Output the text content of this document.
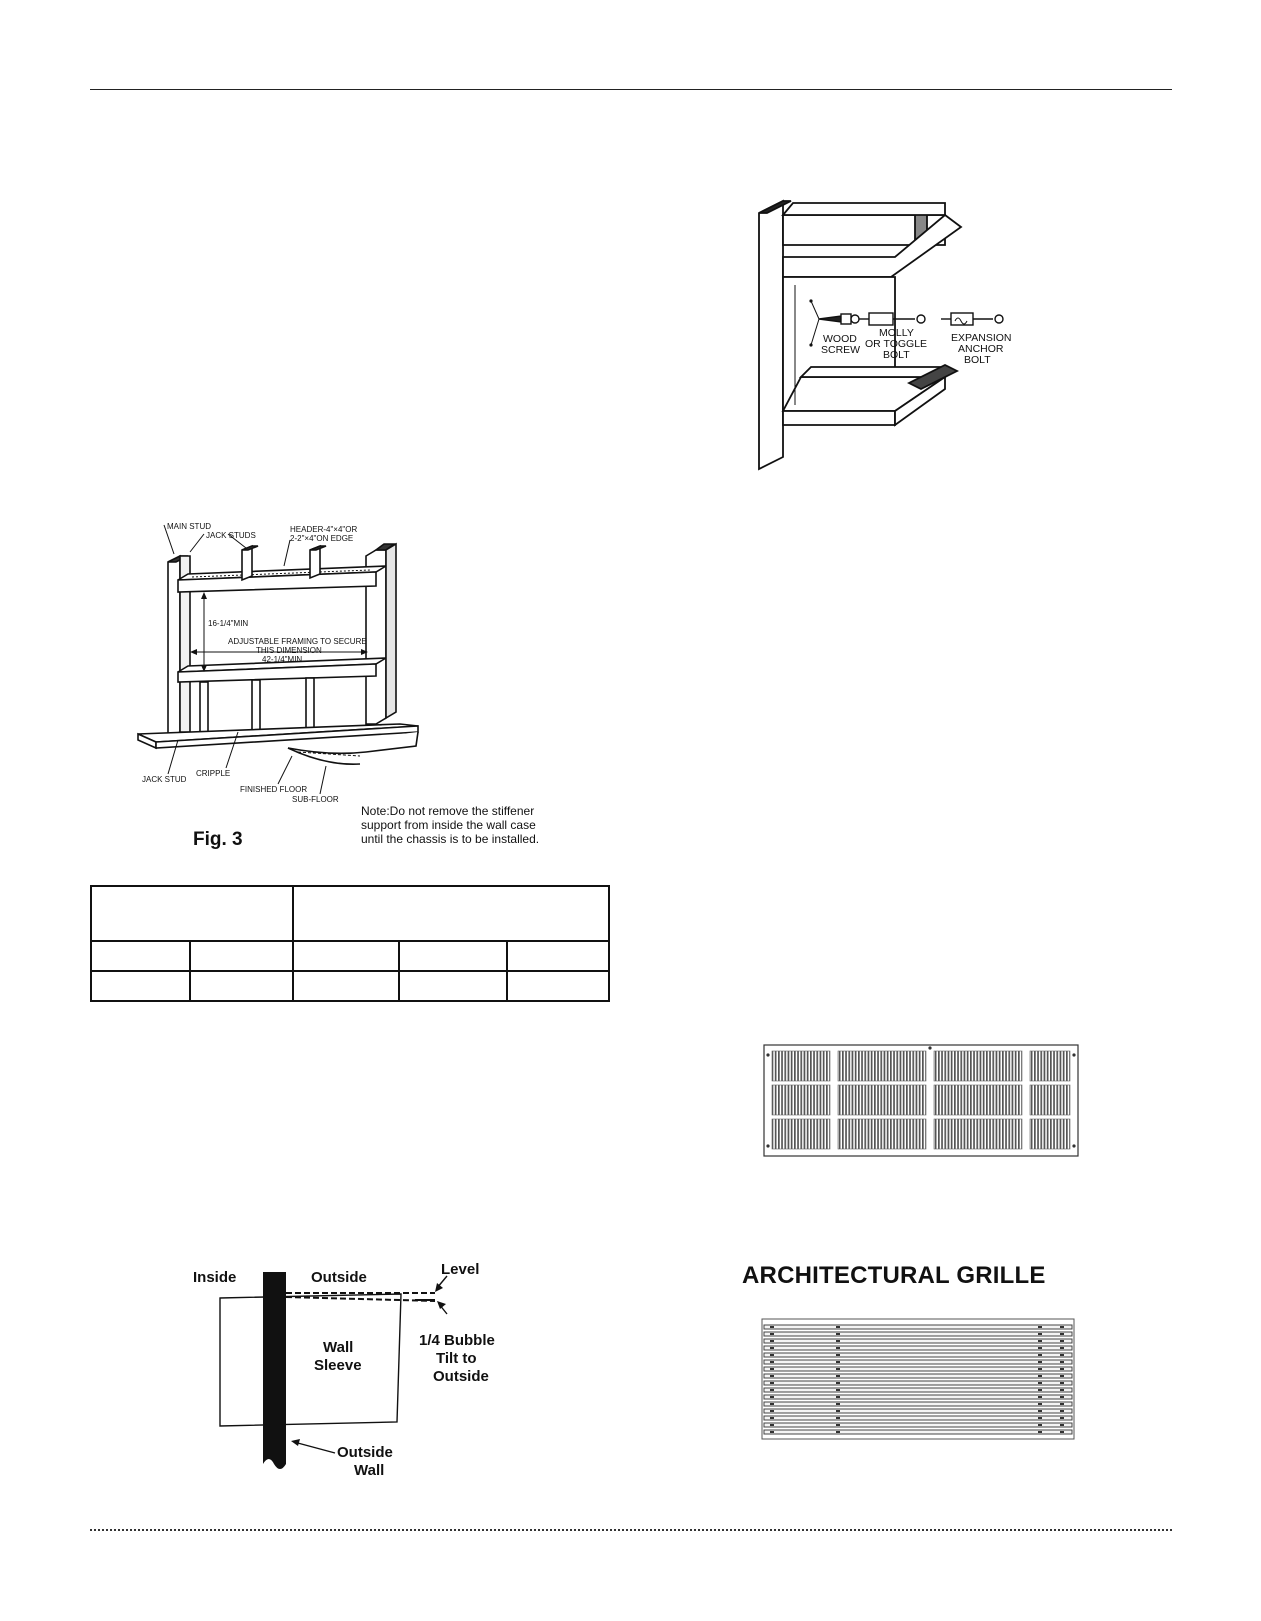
MAIN STUD
JACK STUDS
HEADER-4"×4"OR
2-2"×4"ON EDGE
16-1/4"MIN
ADJUSTABLE FRAMING TO SECURE
THIS DIMENSION
42-1/4"MIN
JACK STUD
CRIPPLE
FINISHED FLOOR
SUB-FLOOR
Note:Do not remove the stiffener
support from inside the wall case
until the chassis is to be installed.
Fig. 3

Inside	Outside	Level
Wall
Sleeve
1/4 Bubble
Tilt to
Outside
Outside
Wall
WOOD
SCREW
MOLLY
OR TOGGLE
BOLT
EXPANSION
ANCHOR
BOLT
ARCHITECTURAL GRILLE
